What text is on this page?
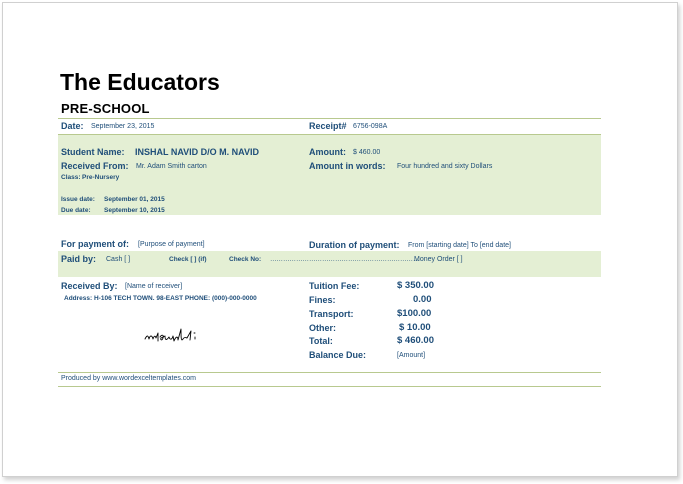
The Educators
PRE-SCHOOL
Date: September 23, 2015	Receipt# 6756-098A
Student Name: INSHAL NAVID D/O M. NAVID
Received From: Mr. Adam Smith carton
Class: Pre-Nursery
Issue date: September 01, 2015
Due date: September 10, 2015
Amount: $ 460.00
Amount in words: Four hundred and sixty Dollars
For payment of: [Purpose of payment]	Duration of payment: From [starting date] To [end date]
Paid by: Cash [ ]	Check [ ] (if)	Check No: ……………………………………………………………
Money Order [ ]
Received By: [Name of receiver]
Address: H-106 TECH TOWN. 98-EAST PHONE: (000)-000-0000
Tuition Fee:	$ 350.00
Fines:	0.00
Transport:	$100.00
Other:	$ 10.00
Total:	$ 460.00
Balance Due:	[Amount]
Produced by www.wordexceltemplates.com
